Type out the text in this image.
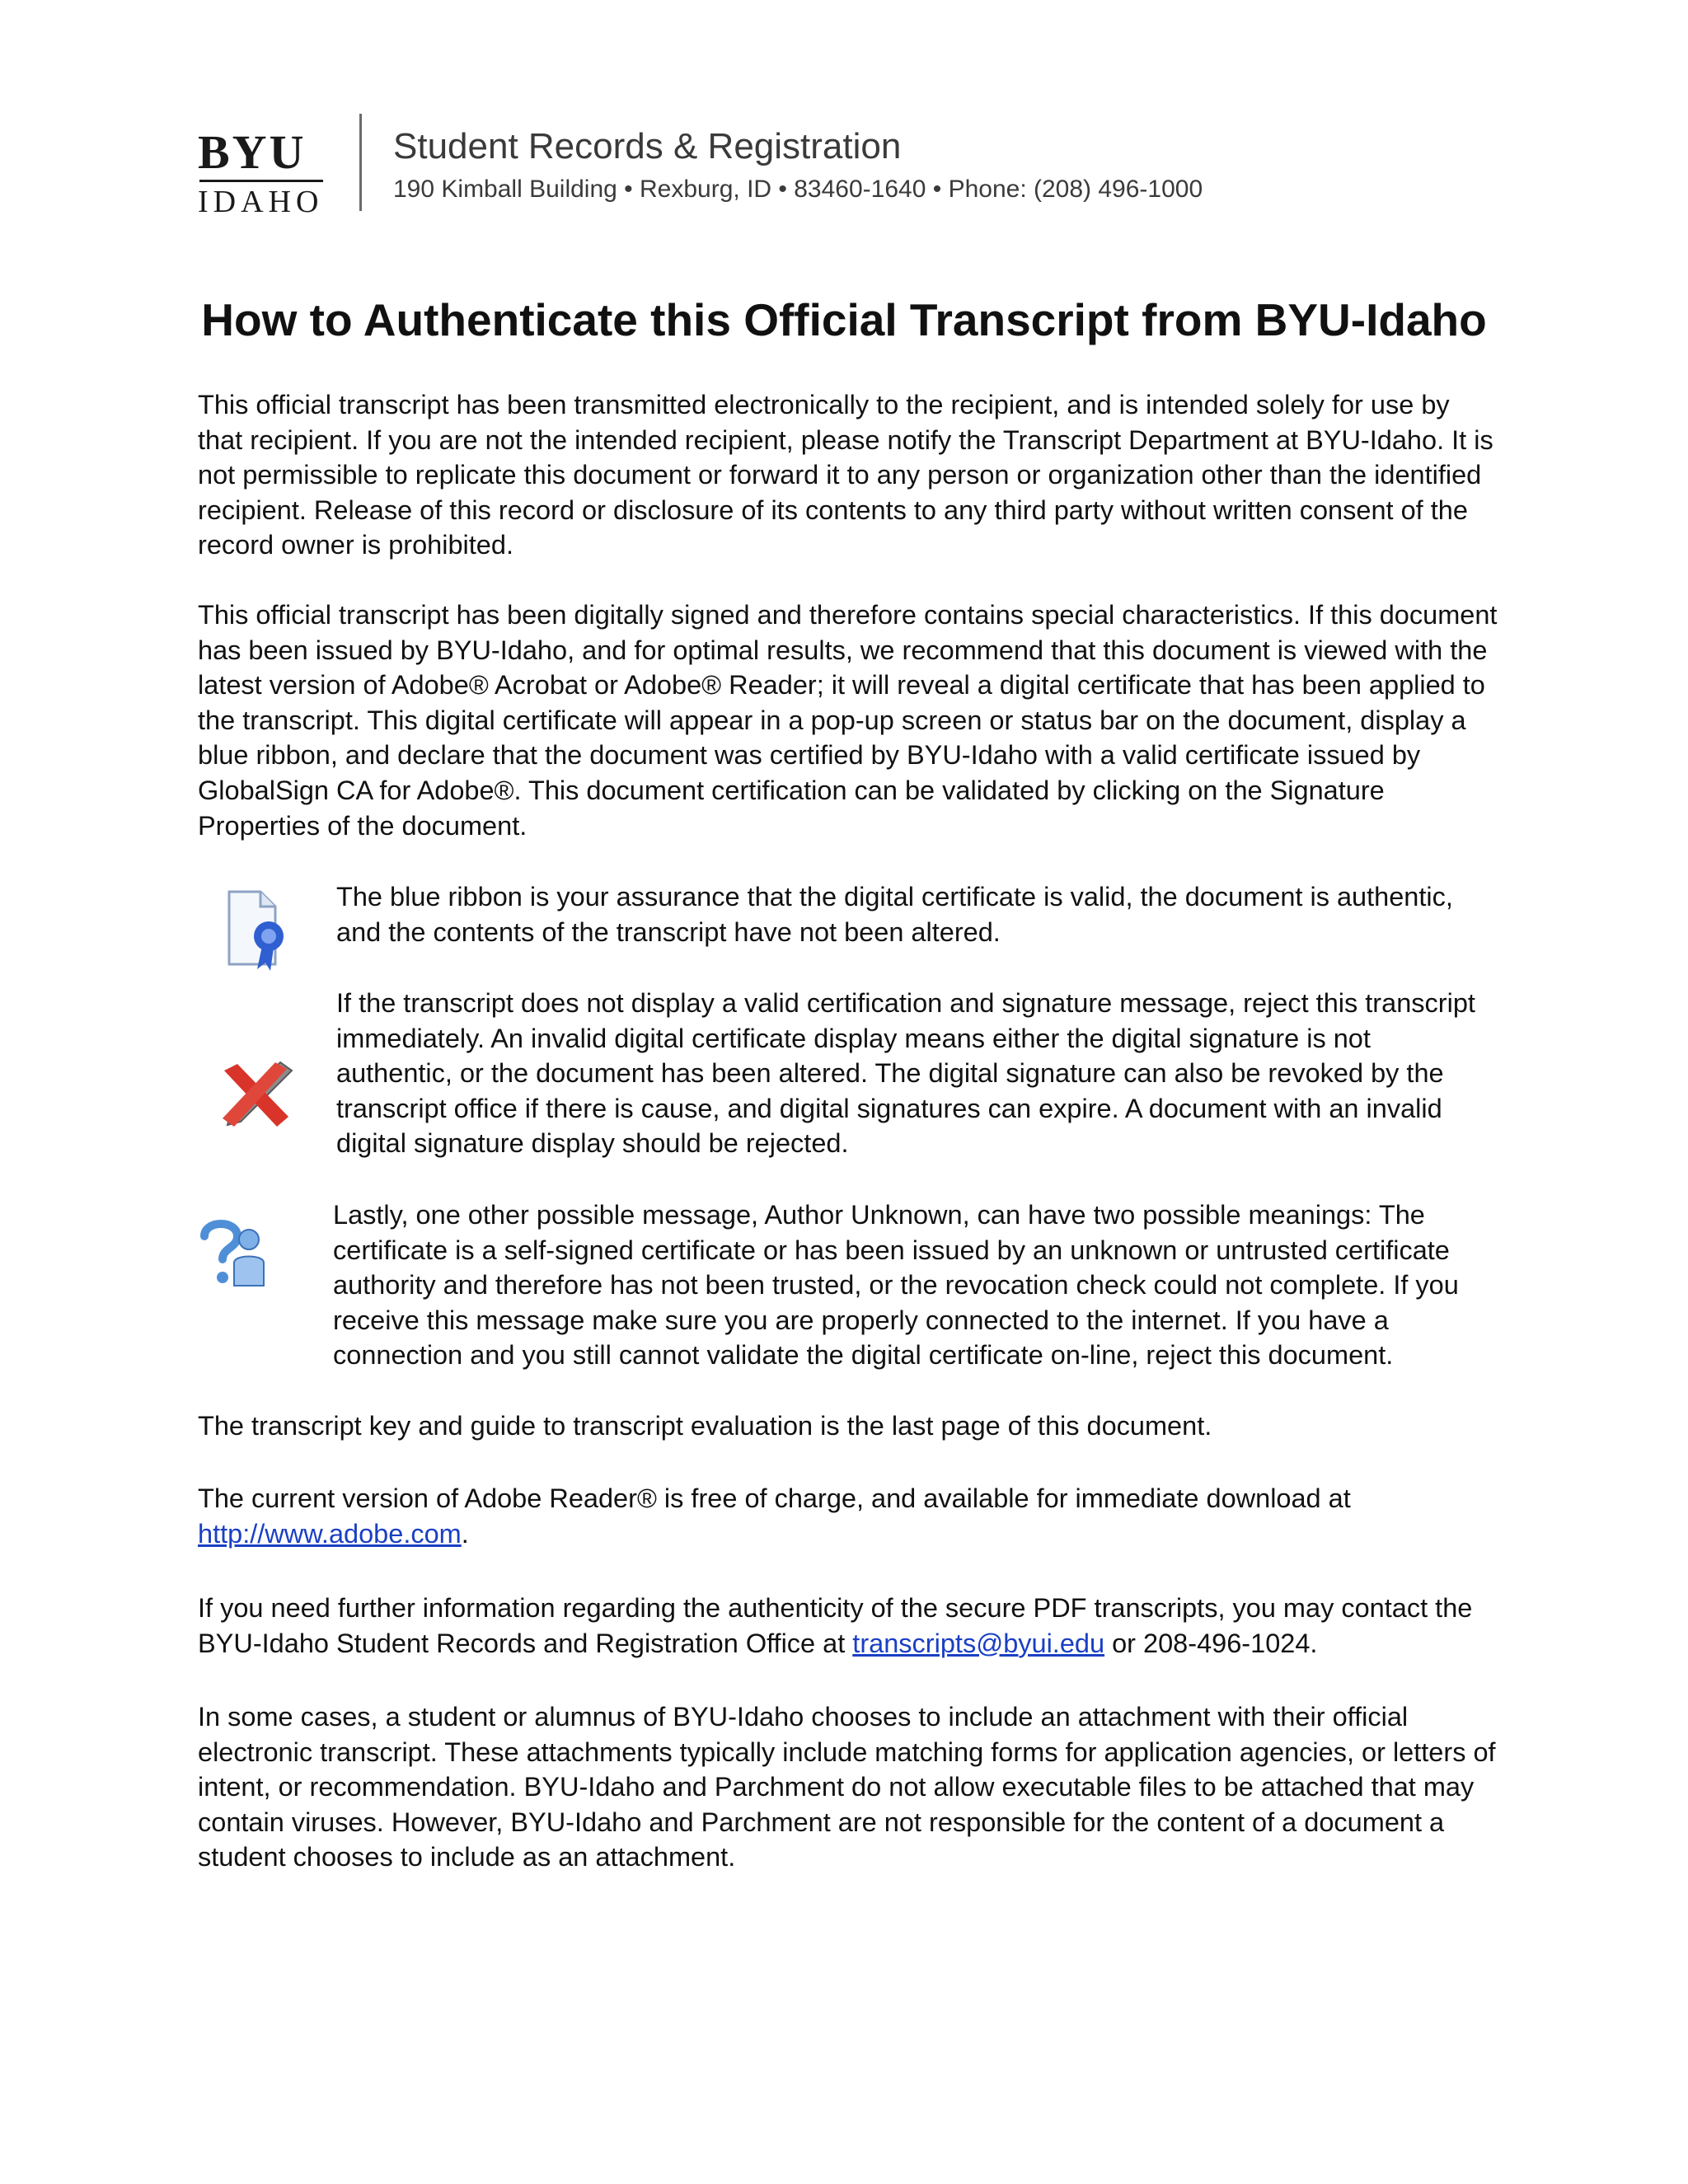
BYU
IDAHO
Student Records & Registration
190 Kimball Building • Rexburg, ID • 83460-1640 • Phone: (208) 496-1000
How to Authenticate this Official Transcript from BYU-Idaho
This official transcript has been transmitted electronically to the recipient, and is intended solely for use by that recipient. If you are not the intended recipient, please notify the Transcript Department at BYU-Idaho. It is not permissible to replicate this document or forward it to any person or organization other than the identified recipient. Release of this record or disclosure of its contents to any third party without written consent of the record owner is prohibited.
This official transcript has been digitally signed and therefore contains special characteristics. If this document has been issued by BYU-Idaho, and for optimal results, we recommend that this document is viewed with the latest version of Adobe® Acrobat or Adobe® Reader; it will reveal a digital certificate that has been applied to the transcript. This digital certificate will appear in a pop-up screen or status bar on the document, display a blue ribbon, and declare that the document was certified by BYU-Idaho with a valid certificate issued by GlobalSign CA for Adobe®. This document certification can be validated by clicking on the Signature Properties of the document.
The blue ribbon is your assurance that the digital certificate is valid, the document is authentic, and the contents of the transcript have not been altered.
If the transcript does not display a valid certification and signature message, reject this transcript immediately. An invalid digital certificate display means either the digital signature is not authentic, or the document has been altered. The digital signature can also be revoked by the transcript office if there is cause, and digital signatures can expire. A document with an invalid digital signature display should be rejected.
Lastly, one other possible message, Author Unknown, can have two possible meanings: The certificate is a self-signed certificate or has been issued by an unknown or untrusted certificate authority and therefore has not been trusted, or the revocation check could not complete. If you receive this message make sure you are properly connected to the internet. If you have a connection and you still cannot validate the digital certificate on-line, reject this document.
The transcript key and guide to transcript evaluation is the last page of this document.
The current version of Adobe Reader® is free of charge, and available for immediate download at http://www.adobe.com.
If you need further information regarding the authenticity of the secure PDF transcripts, you may contact the BYU-Idaho Student Records and Registration Office at transcripts@byui.edu or 208-496-1024.
In some cases, a student or alumnus of BYU-Idaho chooses to include an attachment with their official electronic transcript. These attachments typically include matching forms for application agencies, or letters of intent, or recommendation. BYU-Idaho and Parchment do not allow executable files to be attached that may contain viruses. However, BYU-Idaho and Parchment are not responsible for the content of a document a student chooses to include as an attachment.
